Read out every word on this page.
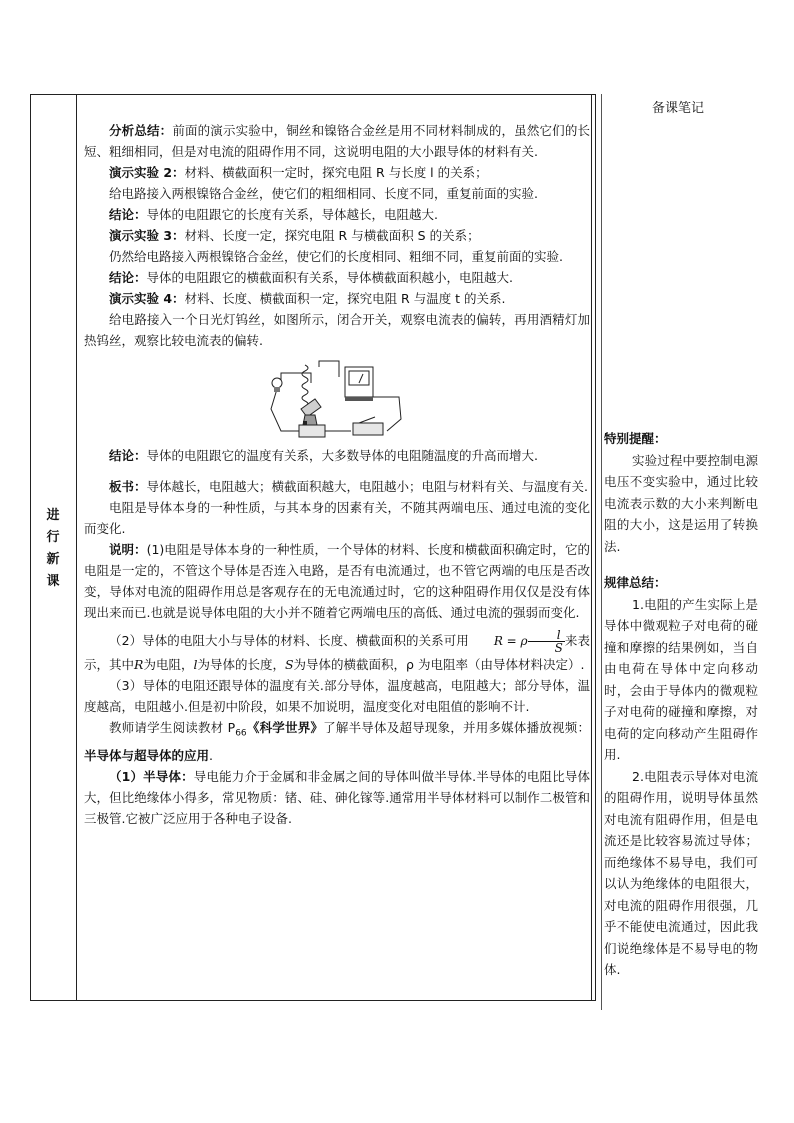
进
行
新
课
备课笔记

分析总结：前面的演示实验中，铜丝和镍铬合金丝是用不同材料制成的，虽然它们的长短、粗细相同，但是对电流的阻碍作用不同，这说明电阻的大小跟导体的材料有关.

演示实验 2：材料、横截面积一定时，探究电阻 R 与长度 l 的关系；

给电路接入两根镍铬合金丝，使它们的粗细相同、长度不同，重复前面的实验.

结论：导体的电阻跟它的长度有关系，导体越长，电阻越大.

演示实验 3：材料、长度一定，探究电阻 R 与横截面积 S 的关系；

仍然给电路接入两根镍铬合金丝，使它们的长度相同、粗细不同，重复前面的实验.

结论：导体的电阻跟它的横截面积有关系，导体横截面积越小，电阻越大.

演示实验 4：材料、长度、横截面积一定，探究电阻 R 与温度 t 的关系.

给电路接入一个日光灯钨丝，如图所示，闭合开关，观察电流表的偏转，再用酒精灯加热钨丝，观察比较电流表的偏转.

结论：导体的电阻跟它的温度有关系，大多数导体的电阻随温度的升高而增大.

板书：导体越长，电阻越大；横截面积越大，电阻越小；电阻与材料有关、与温度有关.

电阻是导体本身的一种性质，与其本身的因素有关，不随其两端电压、通过电流的变化而变化.

说明：(1)电阻是导体本身的一种性质，一个导体的材料、长度和横截面积确定时，它的电阻是一定的，不管这个导体是否连入电路，是否有电流通过，也不管它两端的电压是否改变，导体对电流的阻碍作用总是客观存在的无电流通过时，它的这种阻碍作用仅仅是没有体现出来而已.也就是说导体电阻的大小并不随着它两端电压的高低、通过电流的强弱而变化.

（2）导体的电阻大小与导体的材料、长度、横截面积的关系可用 R = ρ $\frac{l}{S}$ 来表示，其中R为电阻，l为导体的长度，S为导体的横截面积，ρ 为电阻率（由导体材料决定）.

（3）导体的电阻还跟导体的温度有关.部分导体，温度越高，电阻越大；部分导体，温度越高，电阻越小.但是初中阶段，如果不加说明，温度变化对电阻值的影响不计.

教师请学生阅读教材 $P_{66}$《科学世界》了解半导体及超导现象，并用多媒体播放视频：半导体与超导体的应用.

（1）半导体：导电能力介于金属和非金属之间的导体叫做半导体.半导体的电阻比导体大，但比绝缘体小得多，常见物质：锗、硅、砷化镓等.通常用半导体材料可以制作二极管和三极管.它被广泛应用于各种电子设备.

特别提醒：

实验过程中要控制电源电压不变实验中，通过比较电流表示数的大小来判断电阻的大小，这是运用了转换法.

规律总结：

1.电阻的产生实际上是导体中微观粒子对电荷的碰撞和摩擦的结果例如，当自由电荷在导体中定向移动时，会由于导体内的微观粒子对电荷的碰撞和摩擦，对电荷的定向移动产生阻碍作用.

2.电阻表示导体对电流的阻碍作用，说明导体虽然对电流有阻碍作用，但是电流还是比较容易流过导体；而绝缘体不易导电，我们可以认为绝缘体的电阻很大，对电流的阻碍作用很强，几乎不能使电流通过，因此我们说绝缘体是不易导电的物体.
